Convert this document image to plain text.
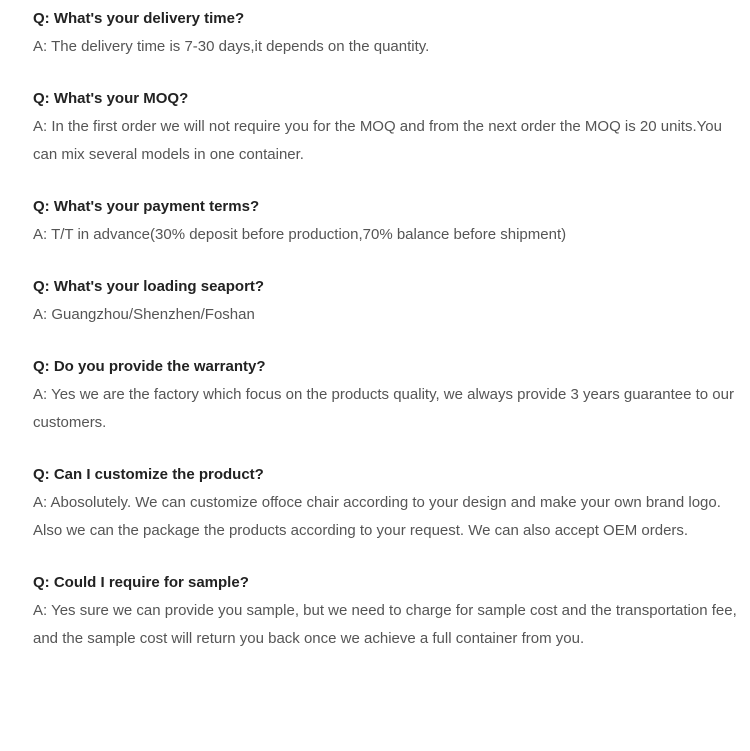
Q: What's your delivery time?

A: The delivery time is 7-30 days,it depends on the quantity.

Q: What's your MOQ?

A: In the first order we will not require you for the MOQ and from the next order the MOQ is 20 units.You can mix several models in one container.

Q: What's your payment terms?

A: T/T in advance(30% deposit before production,70% balance before shipment)

Q: What's your loading seaport?

A: Guangzhou/Shenzhen/Foshan

Q: Do you provide the warranty?

A: Yes we are the factory which focus on the products quality, we always provide 3 years guarantee to our customers.

Q: Can I customize the product?

A: Abosolutely. We can customize offoce chair according to your design and make your own brand logo. Also we can the package the products according to your request. We can also accept OEM orders.

Q: Could I require for sample?

A: Yes sure we can provide you sample, but we need to charge for sample cost and the transportation fee, and the sample cost will return you back once we achieve a full container from you.
